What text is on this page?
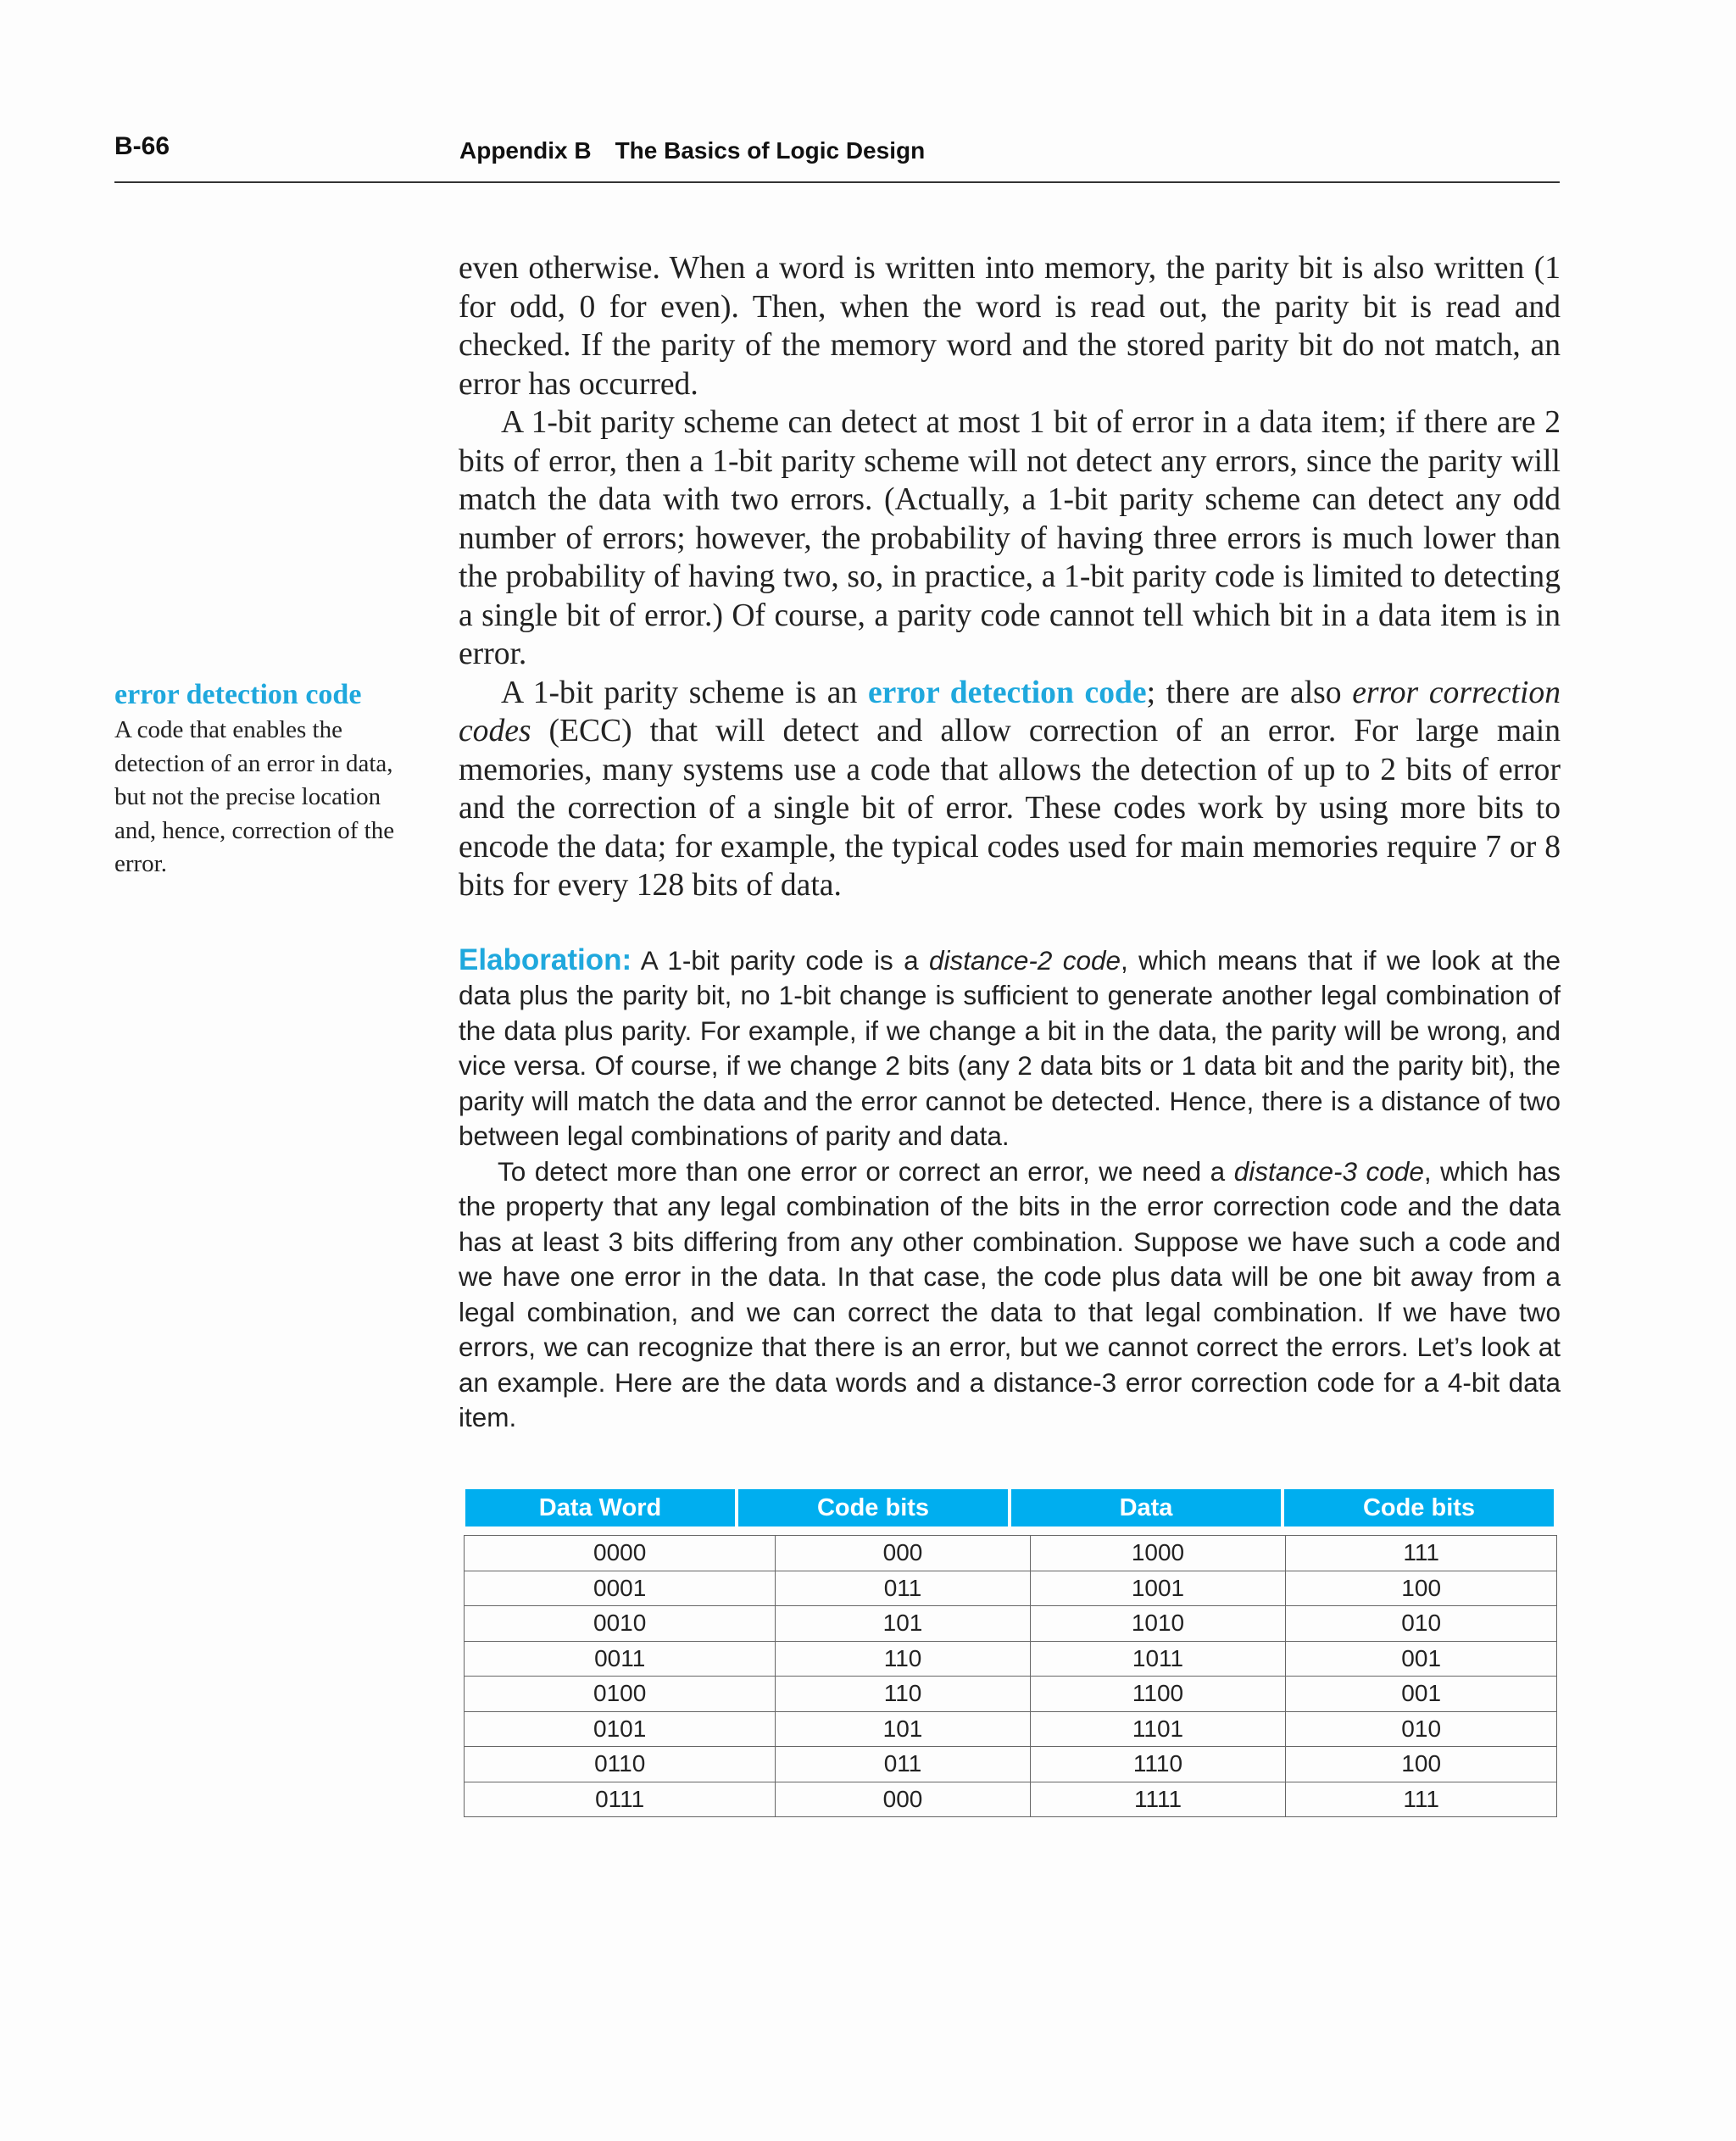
B-66	Appendix B The Basics of Logic Design
error detection code
A code that enables the detection of an error in data, but not the precise location and, hence, correction of the error.

even otherwise. When a word is written into memory, the parity bit is also written (1 for odd, 0 for even). Then, when the word is read out, the parity bit is read and checked. If the parity of the memory word and the stored parity bit do not match, an error has occurred.

A 1-bit parity scheme can detect at most 1 bit of error in a data item; if there are 2 bits of error, then a 1-bit parity scheme will not detect any errors, since the parity will match the data with two errors. (Actually, a 1-bit parity scheme can detect any odd number of errors; however, the probability of having three errors is much lower than the probability of having two, so, in practice, a 1-bit parity code is limited to detecting a single bit of error.) Of course, a parity code cannot tell which bit in a data item is in error.

A 1-bit parity scheme is an error detection code; there are also error correction codes (ECC) that will detect and allow correction of an error. For large main memories, many systems use a code that allows the detection of up to 2 bits of error and the correction of a single bit of error. These codes work by using more bits to encode the data; for example, the typical codes used for main memories require 7 or 8 bits for every 128 bits of data.

Elaboration: A 1-bit parity code is a distance-2 code, which means that if we look at the data plus the parity bit, no 1-bit change is sufficient to generate another legal combination of the data plus parity. For example, if we change a bit in the data, the parity will be wrong, and vice versa. Of course, if we change 2 bits (any 2 data bits or 1 data bit and the parity bit), the parity will match the data and the error cannot be detected. Hence, there is a distance of two between legal combinations of parity and data.

To detect more than one error or correct an error, we need a distance-3 code, which has the property that any legal combination of the bits in the error correction code and the data has at least 3 bits differing from any other combination. Suppose we have such a code and we have one error in the data. In that case, the code plus data will be one bit away from a legal combination, and we can correct the data to that legal combination. If we have two errors, we can recognize that there is an error, but we cannot correct the errors. Let’s look at an example. Here are the data words and a distance-3 error correction code for a 4-bit data item.

Data Word	Code bits	Data	Code bits
0000	000	1000	111
0001	011	1001	100
0010	101	1010	010
0011	110	1011	001
0100	110	1100	001
0101	101	1101	010
0110	011	1110	100
0111	000	1111	111
